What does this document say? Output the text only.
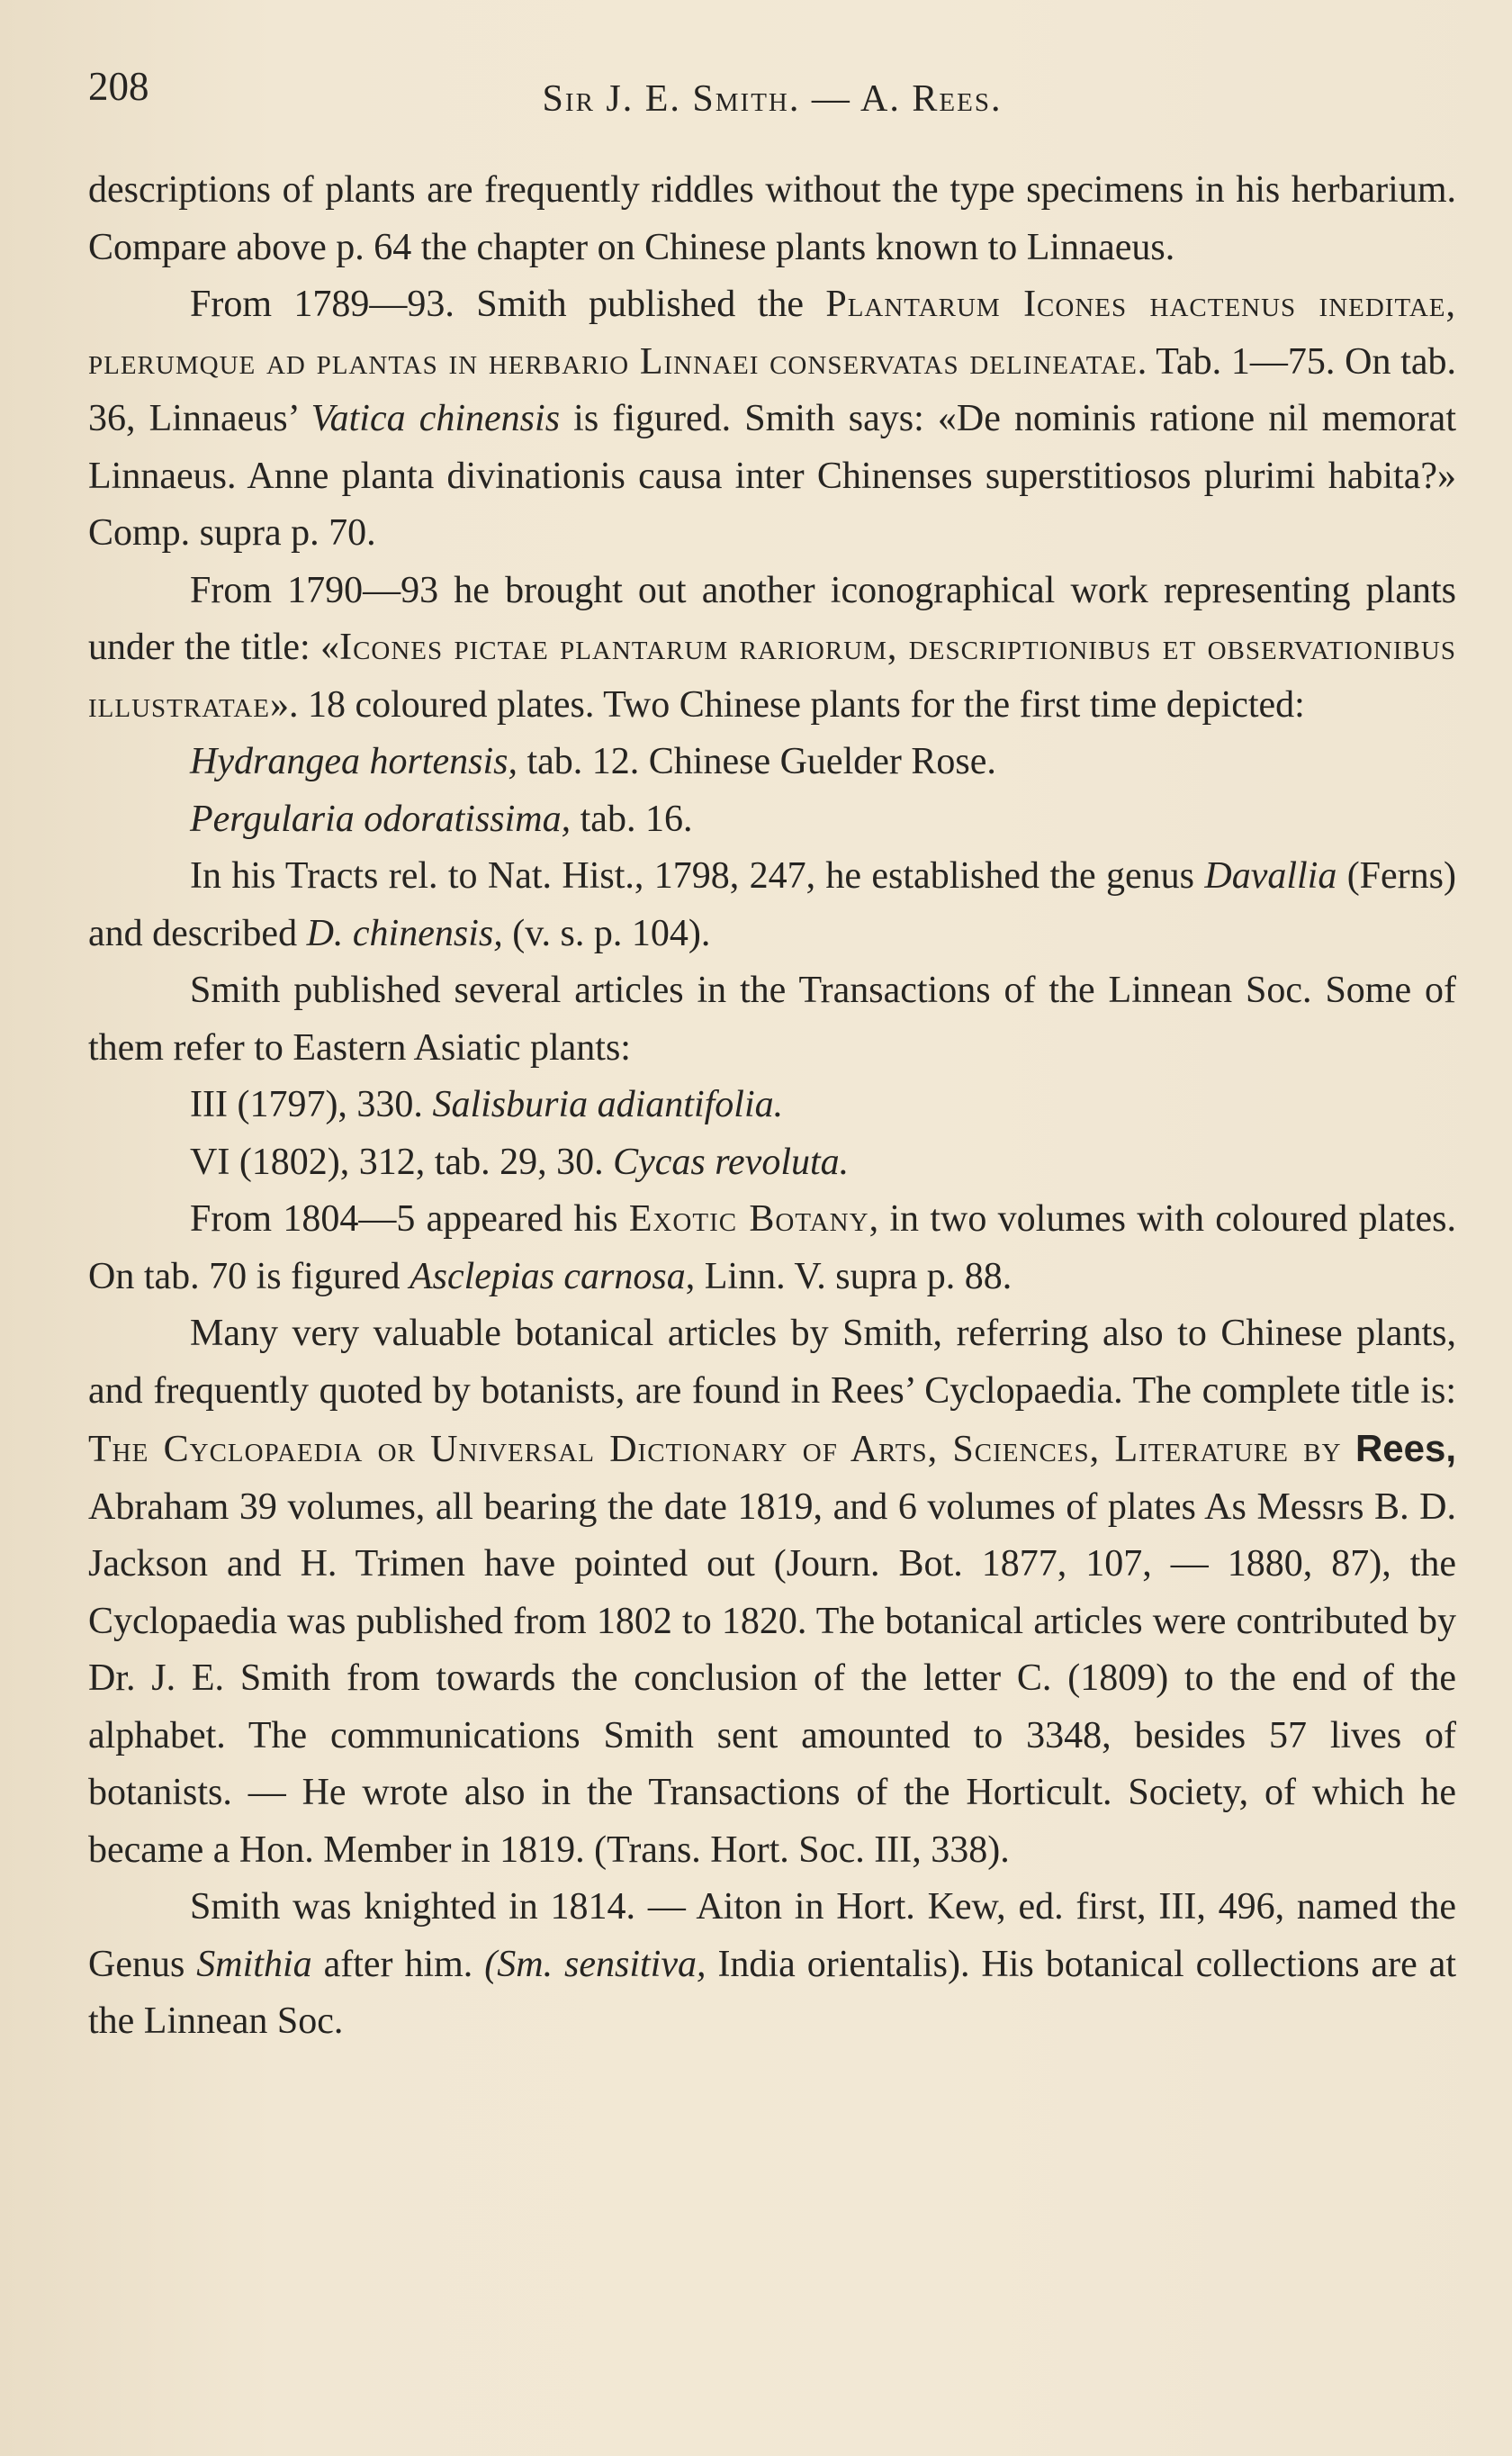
208	Sir J. E. Smith. — A. Rees.

descriptions of plants are frequently riddles without the type specimens in his herbarium. Compare above p. 64 the chapter on Chinese plants known to Linnaeus.

From 1789—93. Smith published the Plantarum Icones hactenus ineditae, plerumque ad plantas in herbario Linnaei conservatas delineatae. Tab. 1—75. On tab. 36, Linnaeus’ Vatica chinensis is figured. Smith says: «De nominis ratione nil memorat Linnaeus. Anne planta divinationis causa inter Chinenses superstitiosos plurimi habita?» Comp. supra p. 70.

From 1790—93 he brought out another iconographical work representing plants under the title: «Icones pictae plantarum rariorum, descriptionibus et observationibus illustratae». 18 coloured plates. Two Chinese plants for the first time depicted:

Hydrangea hortensis, tab. 12. Chinese Guelder Rose.

Pergularia odoratissima, tab. 16.

In his Tracts rel. to Nat. Hist., 1798, 247, he established the genus Davallia (Ferns) and described D. chinensis, (v. s. p. 104).

Smith published several articles in the Transactions of the Linnean Soc. Some of them refer to Eastern Asiatic plants:

III (1797), 330. Salisburia adiantifolia.

VI (1802), 312, tab. 29, 30. Cycas revoluta.

From 1804—5 appeared his Exotic Botany, in two volumes with coloured plates. On tab. 70 is figured Asclepias carnosa, Linn. V. supra p. 88.

Many very valuable botanical articles by Smith, referring also to Chinese plants, and frequently quoted by botanists, are found in Rees’ Cyclopaedia. The complete title is: The Cyclopaedia or Universal Dictionary of Arts, Sciences, Literature by Rees, Abraham 39 volumes, all bearing the date 1819, and 6 volumes of plates As Messrs B. D. Jackson and H. Trimen have pointed out (Journ. Bot. 1877, 107, — 1880, 87), the Cyclopaedia was published from 1802 to 1820. The botanical articles were contributed by Dr. J. E. Smith from towards the conclusion of the letter C. (1809) to the end of the alphabet. The communications Smith sent amounted to 3348, besides 57 lives of botanists. — He wrote also in the Transactions of the Horticult. Society, of which he became a Hon. Member in 1819. (Trans. Hort. Soc. III, 338).

Smith was knighted in 1814. — Aiton in Hort. Kew, ed. first, III, 496, named the Genus Smithia after him. (Sm. sensitiva, India orientalis). His botanical collections are at the Linnean Soc.
